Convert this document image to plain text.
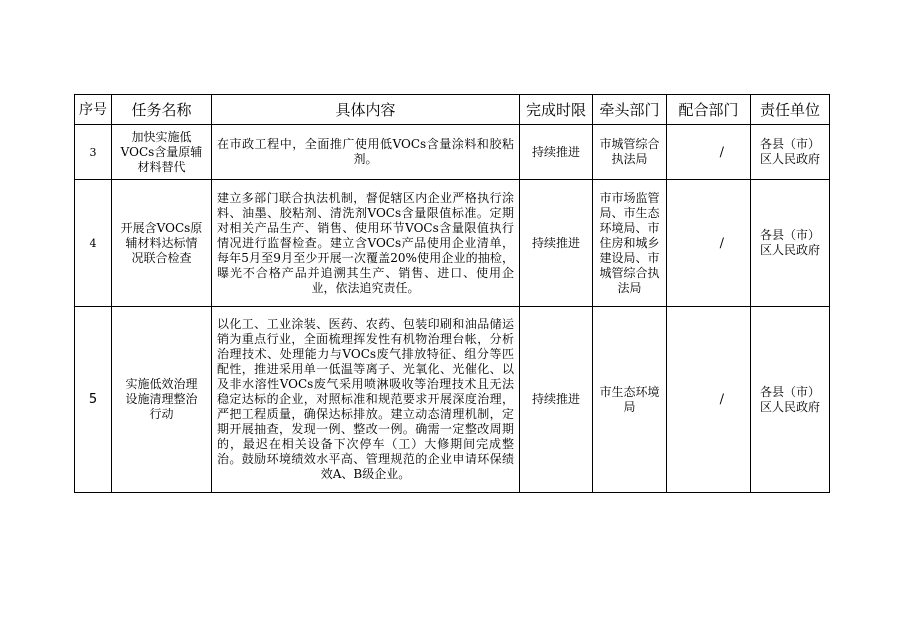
序号	任务名称	具体内容	完成时限	牵头部门	配合部门	责任单位
3	加快实施低VOCs含量原辅材料替代	在市政工程中，全面推广使用低VOCs含量涂料和胶粘剂。	持续推进	市城管综合执法局	/	各县（市）区人民政府
4	开展含VOCs原辅材料达标情况联合检查	建立多部门联合执法机制，督促辖区内企业严格执行涂料、油墨、胶粘剂、清洗剂VOCs含量限值标准。定期对相关产品生产、销售、使用环节VOCs含量限值执行情况进行监督检查。建立含VOCs产品使用企业清单，每年5月至9月至少开展一次覆盖20%使用企业的抽检，曝光不合格产品并追溯其生产、销售、进口、使用企业，依法追究责任。	持续推进	市市场监管局、市生态环境局、市住房和城乡建设局、市城管综合执法局	/	各县（市）区人民政府
5	实施低效治理设施清理整治行动	以化工、工业涂装、医药、农药、包装印刷和油品储运销为重点行业，全面梳理挥发性有机物治理台帐，分析治理技术、处理能力与VOCs废气排放特征、组分等匹配性，推进采用单一低温等离子、光氧化、光催化、以及非水溶性VOCs废气采用喷淋吸收等治理技术且无法稳定达标的企业，对照标准和规范要求开展深度治理，严把工程质量，确保达标排放。建立动态清理机制，定期开展抽查，发现一例、整改一例。确需一定整改周期的，最迟在相关设备下次停车（工）大修期间完成整治。鼓励环境绩效水平高、管理规范的企业申请环保绩效A、B级企业。	持续推进	市生态环境局	/	各县（市）区人民政府
